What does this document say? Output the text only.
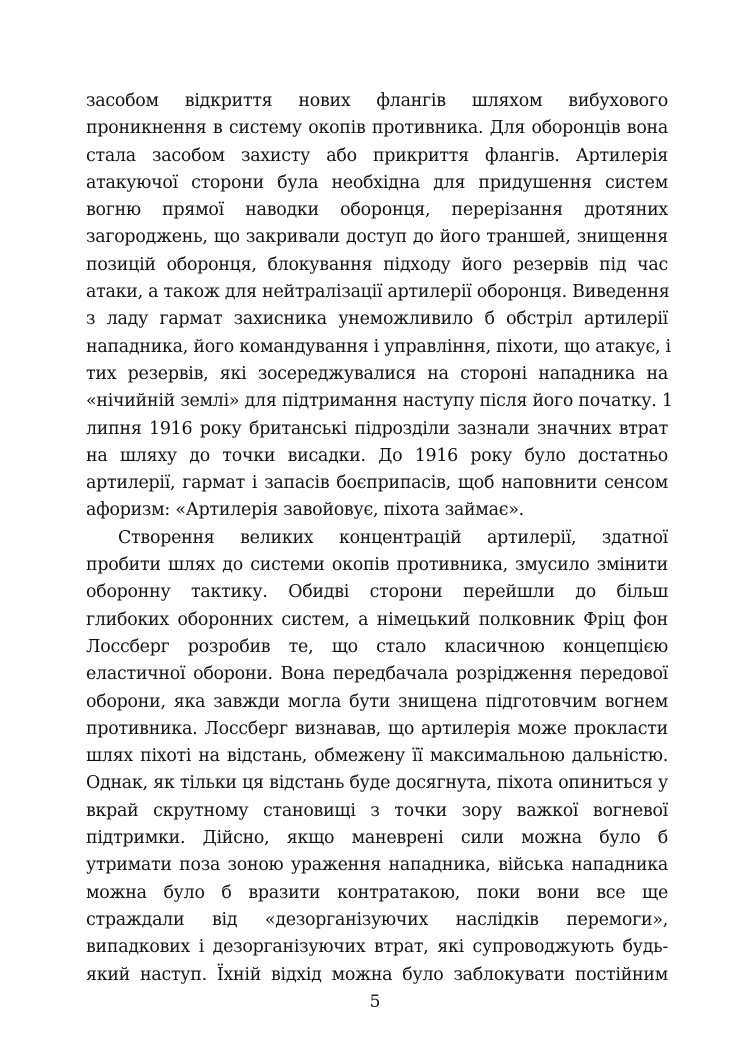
засобом відкриття нових флангів шляхом вибухового
проникнення в систему окопів противника. Для оборонців вона
стала засобом захисту або прикриття флангів. Артилерія
атакуючої сторони була необхідна для придушення систем
вогню прямої наводки оборонця, перерізання дротяних
загороджень, що закривали доступ до його траншей, знищення
позицій оборонця, блокування підходу його резервів під час
атаки, а також для нейтралізації артилерії оборонця. Виведення
з ладу гармат захисника унеможливило б обстріл артилерії
нападника, його командування і управління, піхоти, що атакує, і
тих резервів, які зосереджувалися на стороні нападника на
«нічийній землі» для підтримання наступу після його початку. 1
липня 1916 року британські підрозділи зазнали значних втрат
на шляху до точки висадки. До 1916 року було достатньо
артилерії, гармат і запасів боєприпасів, щоб наповнити сенсом
афоризм: «Артилерія завойовує, піхота займає».
Створення великих концентрацій артилерії, здатної
пробити шлях до системи окопів противника, змусило змінити
оборонну тактику. Обидві сторони перейшли до більш
глибоких оборонних систем, а німецький полковник Фріц фон
Лоссберг розробив те, що стало класичною концепцією
еластичної оборони. Вона передбачала розрідження передової
оборони, яка завжди могла бути знищена підготовчим вогнем
противника. Лоссберг визнавав, що артилерія може прокласти
шлях піхоті на відстань, обмежену її максимальною дальністю.
Однак, як тільки ця відстань буде досягнута, піхота опиниться у
вкрай скрутному становищі з точки зору важкої вогневої
підтримки. Дійсно, якщо маневрені сили можна було б
утримати поза зоною ураження нападника, війська нападника
можна було б вразити контратакою, поки вони все ще
страждали від «дезорганізуючих наслідків перемоги»,
випадкових і дезорганізуючих втрат, які супроводжують будь-
який наступ. Їхній відхід можна було заблокувати постійним
5
